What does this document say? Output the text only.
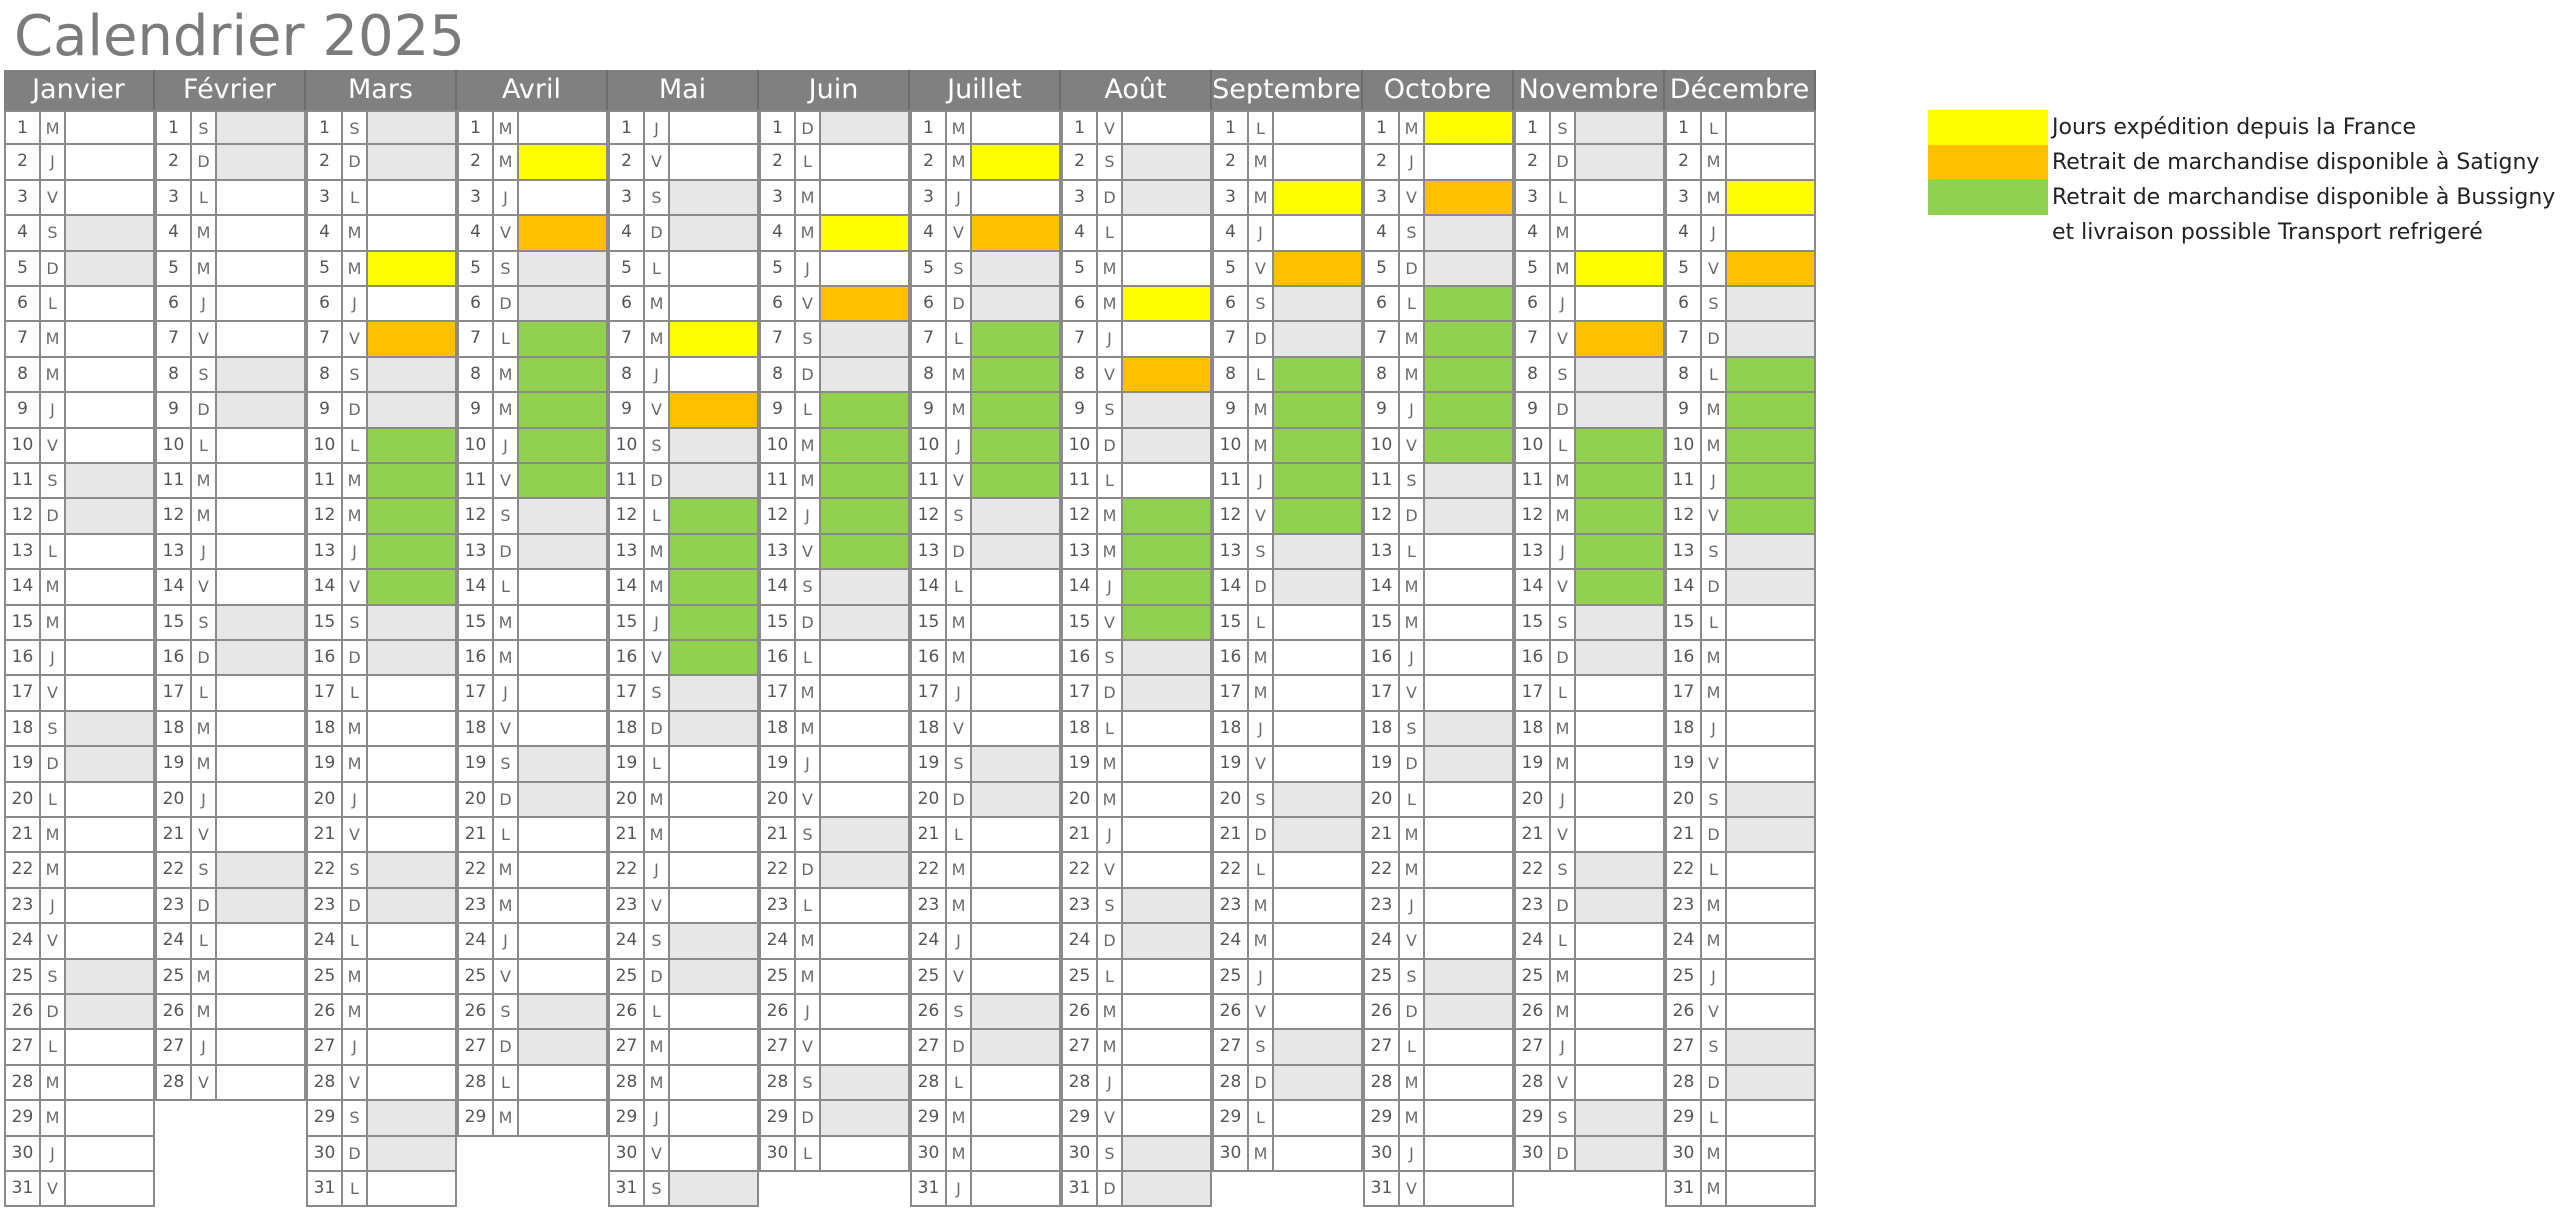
Calendrier 2025
Janvier
1	M
2	J
3	V
4	S
5	D
6	L
7	M
8	M
9	J
10 V
11 S
12 D
13 L
14 M
15 M
16	J
17 V
18 S
19 D
20 L
21 M
22 M
23	J
24 V
25 S
26 D
27 L
28 M
29 M
30	J
31 V
Février
1	S
2	D
3	L
4	M
5	M
6	J
7	V
8	S
9	D
10 L
11 M
12 M
13	J
14 V
15 S
16 D
17 L
18 M
19 M
20	J
21 V
22 S
23 D
24 L
25 M
26 M
27	J
28 V
Mars
1	S
2	D
3	L
4	M
5	M
6	J
7	V
8	S
9	D
10 L
11 M
12 M
13	J
14 V
15 S
16 D
17 L
18 M
19 M
20	J
21 V
22 S
23 D
24 L
25 M
26 M
27	J
28 V
29 S
30 D
31 L
Avril
1	M
2	M
3	J
4	V
5	S
6	D
7	L
8	M
9	M
10	J
11 V
12 S
13 D
14 L
15 M
16 M
17	J
18 V
19 S
20 D
21 L
22 M
23 M
24	J
25 V
26 S
27 D
28 L
29 M
Mai
1	J
2	V
3	S
4	D
5	L
6	M
7	M
8	J
9	V
10 S
11 D
12 L
13 M
14 M
15	J
16 V
17 S
18 D
19 L
20 M
21 M
22	J
23 V
24 S
25 D
26 L
27 M
28 M
29	J
30 V
31 S
Juin
1	D
2	L
3	M
4	M
5	J
6	V
7	S
8	D
9	L
10 M
11 M
12	J
13 V
14 S
15 D
16 L
17 M
18 M
19	J
20 V
21 S
22 D
23 L
24 M
25 M
26	J
27 V
28 S
29 D
30 L
Juillet
1	M
2	M
3	J
4	V
5	S
6	D
7	L
8	M
9	M
10	J
11 V
12 S
13 D
14 L
15 M
16 M
17	J
18 V
19 S
20 D
21 L
22 M
23 M
24	J
25 V
26 S
27 D
28 L
29 M
30 M
31	J
Août
1	V
2	S
3	D
4	L
5	M
6	M
7	J
8	V
9	S
10 D
11 L
12 M
13 M
14	J
15 V
16 S
17 D
18 L
19 M
20 M
21	J
22 V
23 S
24 D
25 L
26 M
27 M
28	J
29 V
30 S
31 D
Septembre
1	L
2	M
3	M
4	J
5	V
6	S
7	D
8	L
9	M
10 M
11	J
12 V
13 S
14 D
15 L
16 M
17 M
18	J
19 V
20 S
21 D
22 L
23 M
24 M
25	J
26 V
27 S
28 D
29 L
30 M
Octobre
1	M
2	J
3	V
4	S
5	D
6	L
7	M
8	M
9	J
10 V
11 S
12 D
13 L
14 M
15 M
16	J
17 V
18 S
19 D
20 L
21 M
22 M
23	J
24 V
25 S
26 D
27 L
28 M
29 M
30	J
31 V
Novembre
1	S
2	D
3	L
4	M
5	M
6	J
7	V
8	S
9	D
10 L
11 M
12 M
13	J
14 V
15 S
16 D
17 L
18 M
19 M
20	J
21 V
22 S
23 D
24 L
25 M
26 M
27	J
28 V
29 S
30 D
Décembre
1	L
2	M
3	M
4	J
5	V
6	S
7	D
8	L
9	M
10 M
11	J
12 V
13 S
14 D
15 L
16 M
17 M
18	J
19 V
20 S
21 D
22 L
23 M
24 M
25	J
26 V
27 S
28 D
29 L
30 M
31 M
Jours expédition depuis la France
Retrait de marchandise disponible à Satigny
Retrait de marchandise disponible à Bussigny
et livraison possible Transport refrigeré
